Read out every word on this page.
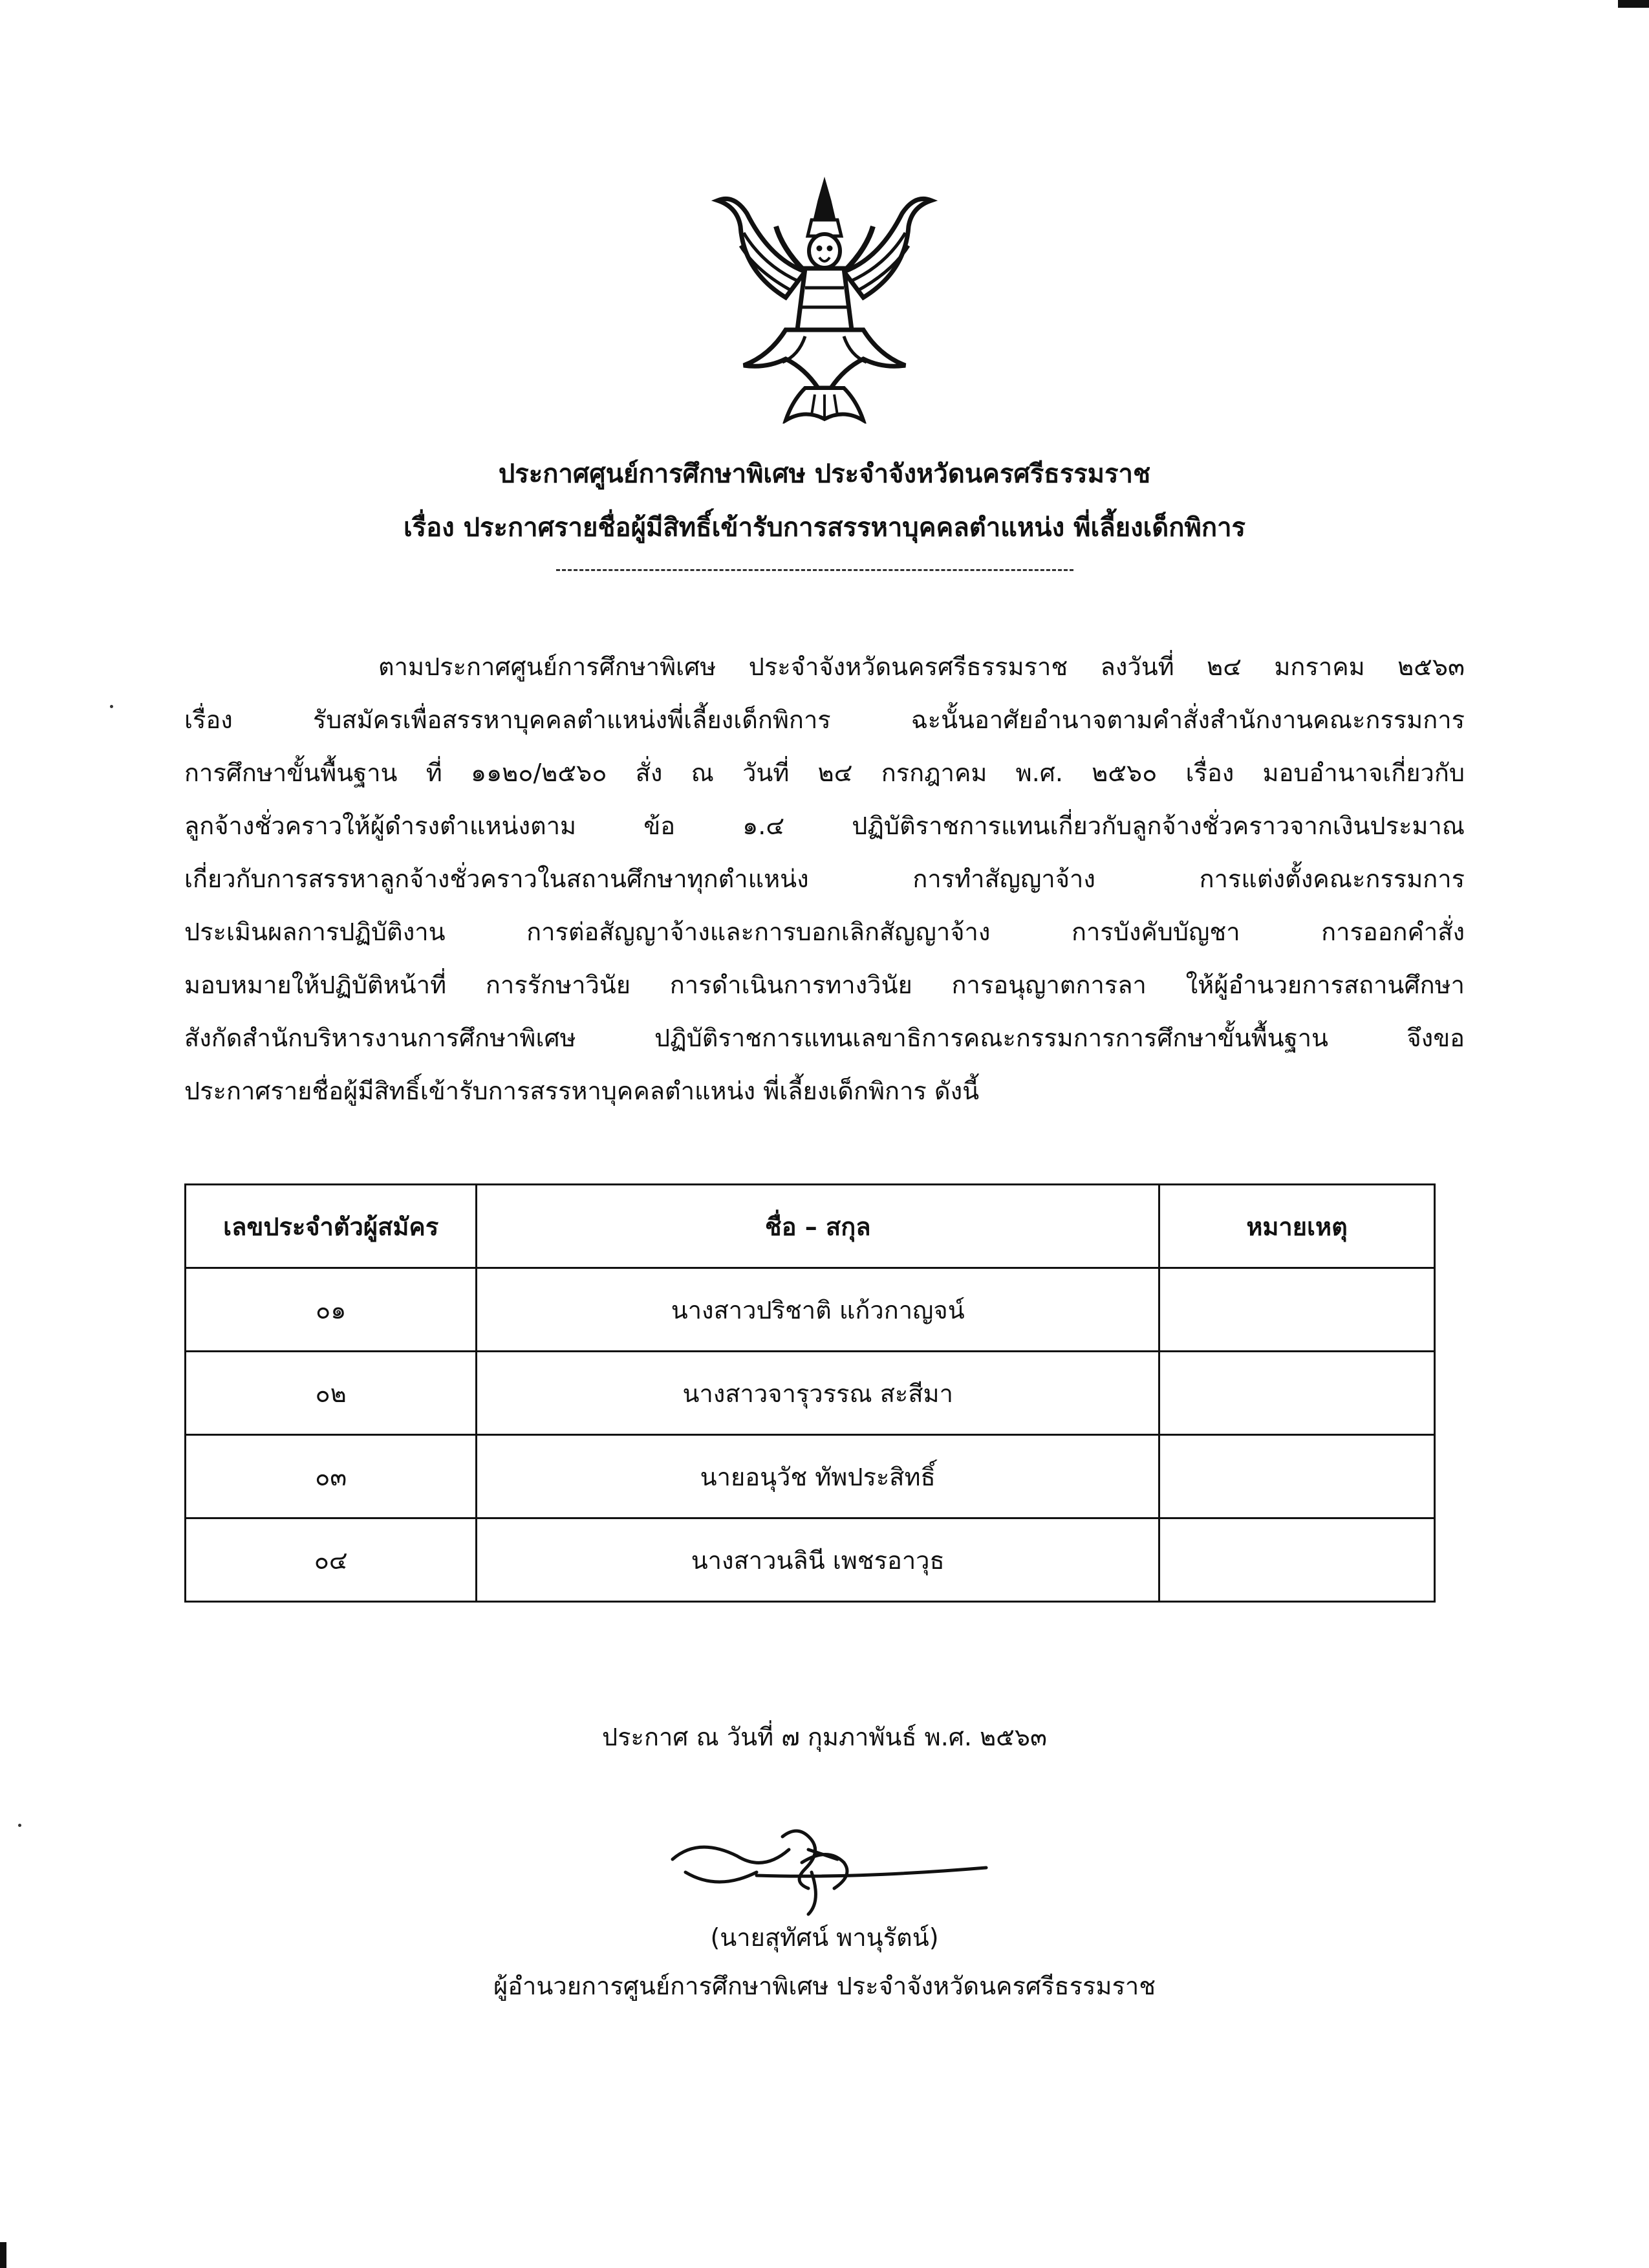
ประกาศศูนย์การศึกษาพิเศษ ประจำจังหวัดนครศรีธรรมราช
เรื่อง ประกาศรายชื่อผู้มีสิทธิ์เข้ารับการสรรหาบุคคลตำแหน่ง พี่เลี้ยงเด็กพิการ
ตามประกาศศูนย์การศึกษาพิเศษ ประจำจังหวัดนครศรีธรรมราช ลงวันที่ ๒๔ มกราคม ๒๕๖๓
เรื่อง รับสมัครเพื่อสรรหาบุคคลตำแหน่งพี่เลี้ยงเด็กพิการ ฉะนั้นอาศัยอำนาจตามคำสั่งสำนักงานคณะกรรมการ
การศึกษาขั้นพื้นฐาน ที่ ๑๑๒๐/๒๕๖๐ สั่ง ณ วันที่ ๒๔ กรกฎาคม พ.ศ. ๒๕๖๐ เรื่อง มอบอำนาจเกี่ยวกับ
ลูกจ้างชั่วคราวให้ผู้ดำรงตำแหน่งตาม ข้อ ๑.๔ ปฏิบัติราชการแทนเกี่ยวกับลูกจ้างชั่วคราวจากเงินประมาณ
เกี่ยวกับการสรรหาลูกจ้างชั่วคราวในสถานศึกษาทุกตำแหน่ง การทำสัญญาจ้าง การแต่งตั้งคณะกรรมการ
ประเมินผลการปฏิบัติงาน การต่อสัญญาจ้างและการบอกเลิกสัญญาจ้าง การบังคับบัญชา การออกคำสั่ง
มอบหมายให้ปฏิบัติหน้าที่ การรักษาวินัย การดำเนินการทางวินัย การอนุญาตการลา ให้ผู้อำนวยการสถานศึกษา
สังกัดสำนักบริหารงานการศึกษาพิเศษ ปฏิบัติราชการแทนเลขาธิการคณะกรรมการการศึกษาขั้นพื้นฐาน จึงขอ
ประกาศรายชื่อผู้มีสิทธิ์เข้ารับการสรรหาบุคคลตำแหน่ง พี่เลี้ยงเด็กพิการ ดังนี้
เลขประจำตัวผู้สมัคร	ชื่อ – สกุล	หมายเหตุ
๐๑	นางสาวปริชาติ แก้วกาญจน์	
๐๒	นางสาวจารุวรรณ สะสีมา	
๐๓	นายอนุวัช ทัพประสิทธิ์	
๐๔	นางสาวนลินี เพชรอาวุธ	
ประกาศ ณ วันที่ ๗ กุมภาพันธ์ พ.ศ. ๒๕๖๓
(นายสุทัศน์ พานุรัตน์)
ผู้อำนวยการศูนย์การศึกษาพิเศษ ประจำจังหวัดนครศรีธรรมราช
